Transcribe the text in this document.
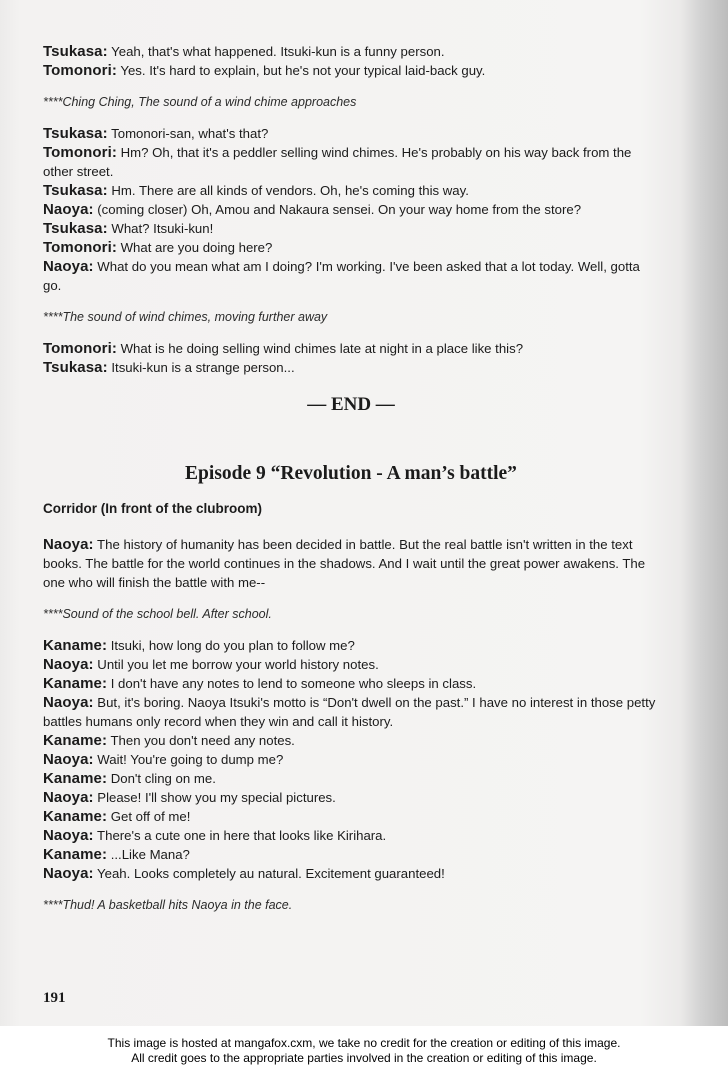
Tsukasa: Yeah, that's what happened. Itsuki-kun is a funny person.

Tomonori: Yes. It's hard to explain, but he's not your typical laid-back guy.

****Ching Ching, The sound of a wind chime approaches

Tsukasa: Tomonori-san, what's that?

Tomonori: Hm? Oh, that it's a peddler selling wind chimes. He's probably on his way back from the other street.

Tsukasa: Hm. There are all kinds of vendors. Oh, he's coming this way.

Naoya: (coming closer) Oh, Amou and Nakaura sensei. On your way home from the store?

Tsukasa: What? Itsuki-kun!

Tomonori: What are you doing here?

Naoya: What do you mean what am I doing? I'm working. I've been asked that a lot today. Well, gotta go.

****The sound of wind chimes, moving further away

Tomonori: What is he doing selling wind chimes late at night in a place like this?

Tsukasa: Itsuki-kun is a strange person...

— END —

Episode 9 “Revolution - A man’s battle”

Corridor (In front of the clubroom)

Naoya: The history of humanity has been decided in battle. But the real battle isn't written in the text books. The battle for the world continues in the shadows. And I wait until the great power awakens. The one who will finish the battle with me--

****Sound of the school bell. After school.

Kaname: Itsuki, how long do you plan to follow me?

Naoya: Until you let me borrow your world history notes.

Kaname: I don't have any notes to lend to someone who sleeps in class.

Naoya: But, it's boring. Naoya Itsuki's motto is “Don't dwell on the past.” I have no interest in those petty battles humans only record when they win and call it history.

Kaname: Then you don't need any notes.

Naoya: Wait! You're going to dump me?

Kaname: Don't cling on me.

Naoya: Please! I'll show you my special pictures.

Kaname: Get off of me!

Naoya: There's a cute one in here that looks like Kirihara.

Kaname: ...Like Mana?

Naoya: Yeah. Looks completely au natural. Excitement guaranteed!

****Thud! A basketball hits Naoya in the face.

191
This image is hosted at mangafox.cxm, we take no credit for the creation or editing of this image.
All credit goes to the appropriate parties involved in the creation or editing of this image.
